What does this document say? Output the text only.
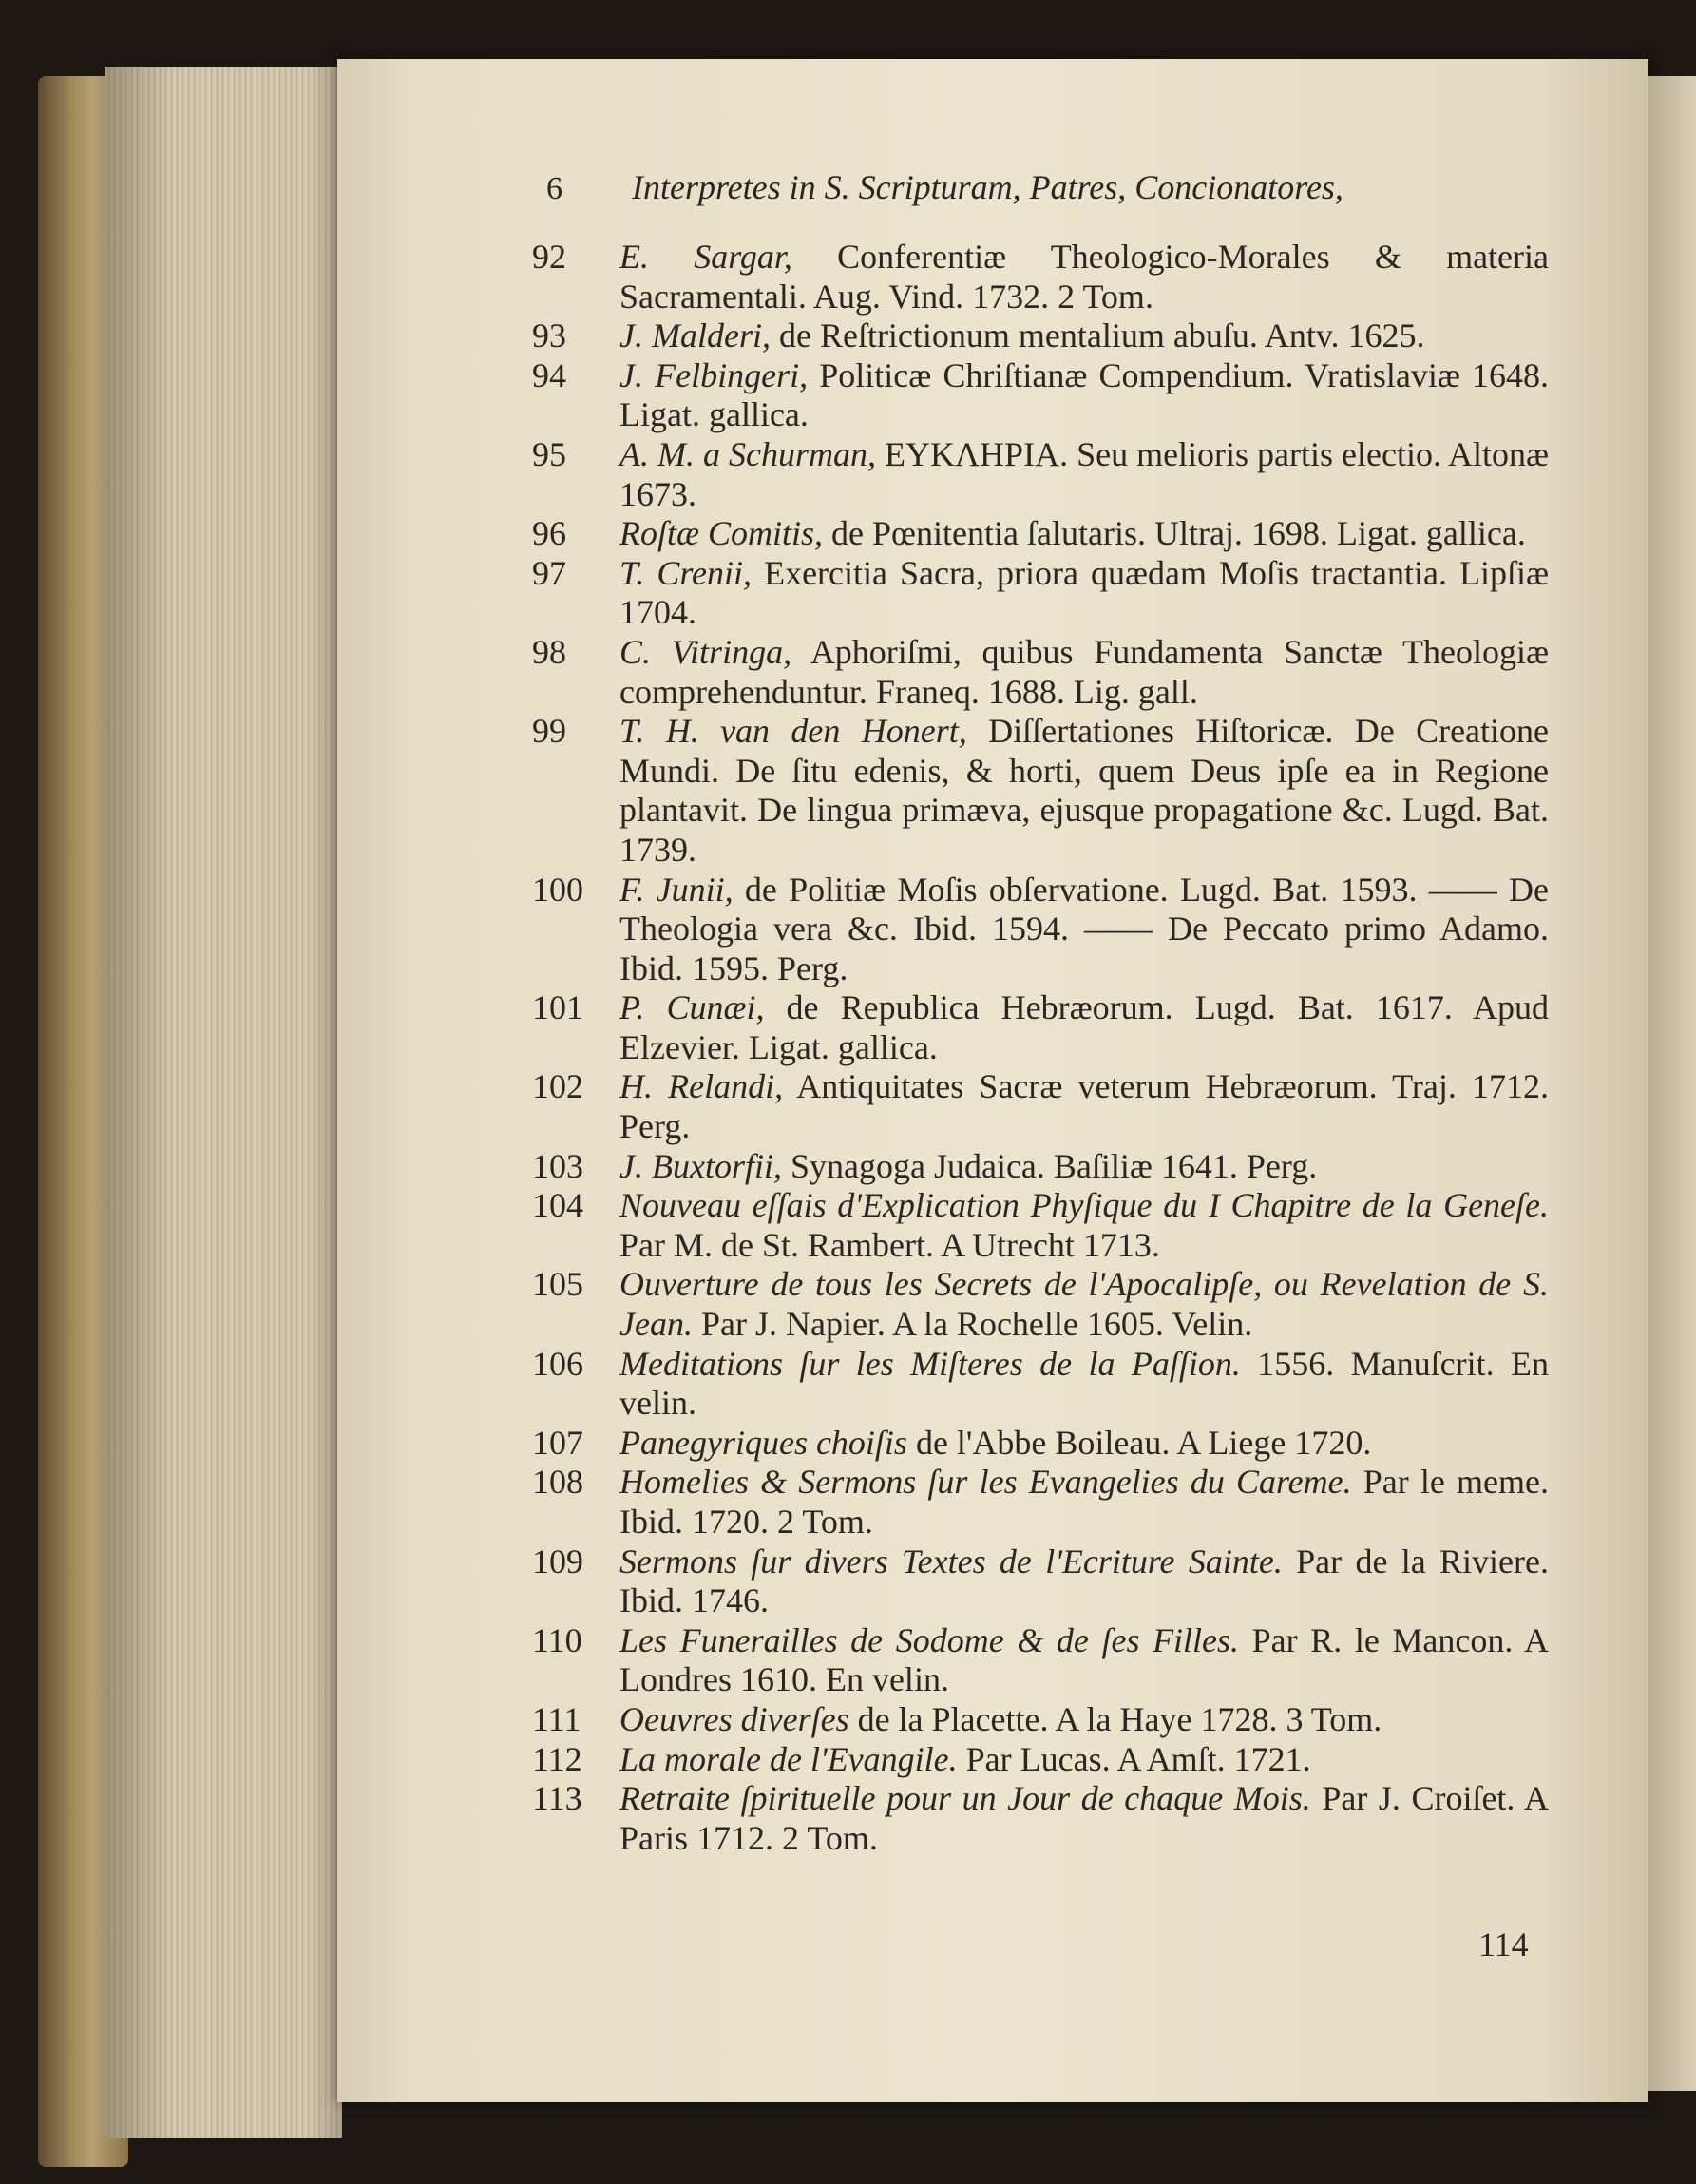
6	Interpretes in S. Scripturam, Patres, Concionatores,
92	E. Sargar, Conferentiæ Theologico-Morales & materia Sacramentali. Aug. Vind. 1732. 2 Tom.
93	J. Malderi, de Reſtrictionum mentalium abuſu. Antv. 1625.
94	J. Felbingeri, Politicæ Chriſtianæ Compendium. Vratislaviæ 1648. Ligat. gallica.
95	A. M. a Schurman, ΕΥΚΛΗΡΙΑ. Seu melioris partis electio. Altonæ 1673.
96	Roſtæ Comitis, de Pœnitentia ſalutaris. Ultraj. 1698. Ligat. gallica.
97	T. Crenii, Exercitia Sacra, priora quædam Moſis tractantia. Lipſiæ 1704.
98	C. Vitringa, Aphoriſmi, quibus Fundamenta Sanctæ Theologiæ comprehenduntur. Franeq. 1688. Lig. gall.
99	T. H. van den Honert, Diſſertationes Hiſtoricæ. De Creatione Mundi. De ſitu edenis, & horti, quem Deus ipſe ea in Regione plantavit. De lingua primæva, ejusque propagatione &c. Lugd. Bat. 1739.
100	F. Junii, de Politiæ Moſis obſervatione. Lugd. Bat. 1593. —— De Theologia vera &c. Ibid. 1594. —— De Peccato primo Adamo. Ibid. 1595. Perg.
101	P. Cunæi, de Republica Hebræorum. Lugd. Bat. 1617. Apud Elzevier. Ligat. gallica.
102	H. Relandi, Antiquitates Sacræ veterum Hebræorum. Traj. 1712. Perg.
103	J. Buxtorfii, Synagoga Judaica. Baſiliæ 1641. Perg.
104	Nouveau eſſais d'Explication Phyſique du I Chapitre de la Geneſe. Par M. de St. Rambert. A Utrecht 1713.
105	Ouverture de tous les Secrets de l'Apocalipſe, ou Revelation de S. Jean. Par J. Napier. A la Rochelle 1605. Velin.
106	Meditations ſur les Miſteres de la Paſſion. 1556. Manuſcrit. En velin.
107	Panegyriques choiſis de l'Abbe Boileau. A Liege 1720.
108	Homelies & Sermons ſur les Evangelies du Careme. Par le meme. Ibid. 1720. 2 Tom.
109	Sermons ſur divers Textes de l'Ecriture Sainte. Par de la Riviere. Ibid. 1746.
110	Les Funerailles de Sodome & de ſes Filles. Par R. le Mancon. A Londres 1610. En velin.
111	Oeuvres diverſes de la Placette. A la Haye 1728. 3 Tom.
112	La morale de l'Evangile. Par Lucas. A Amſt. 1721.
113	Retraite ſpirituelle pour un Jour de chaque Mois. Par J. Croiſet. A Paris 1712. 2 Tom.
114
